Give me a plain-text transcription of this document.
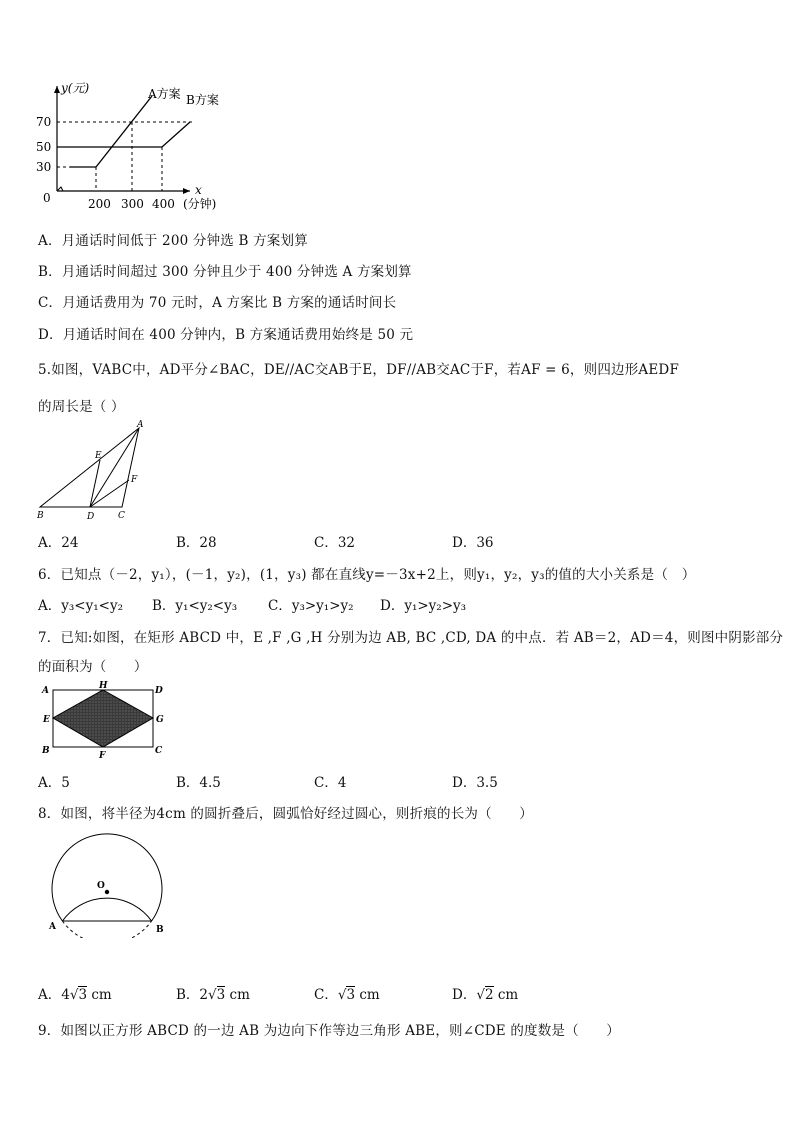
y(元)
x
0
70
50
30
200 300 400 (分钟)
A方案 B方案
A．月通话时间低于 200 分钟选 B 方案划算
B．月通话时间超过 300 分钟且少于 400 分钟选 A 方案划算
C．月通话费用为 70 元时，A 方案比 B 方案的通话时间长
D．月通话时间在 400 分钟内，B 方案通话费用始终是 50 元
5.如图，VABC中，AD平分∠BAC，DE//AC交AB于E，DF//AB交AC于F，若AF = 6，则四边形AEDF
的周长是（ ）
A
E
F
B	D	C
A．24	B．28	C．32	D．36
6．已知点（－2，y₁），(－1，y₂)，(1，y₃) 都在直线y=－3x+2上，则y₁，y₂，y₃的值的大小关系是（　）
A．y₃<y₁<y₂ B．y₁<y₂<y₃ C．y₃>y₁>y₂ D．y₁>y₂>y₃
7．已知:如图，在矩形 ABCD 中，E ,F ,G ,H 分别为边 AB, BC ,CD, DA 的中点．若 AB＝2，AD＝4，则图中阴影部分
的面积为（　　）
A	H	D
E	G
B	F	C
A．5	B．4.5	C．4	D．3.5
8．如图，将半径为4cm 的圆折叠后，圆弧恰好经过圆心，则折痕的长为（　　）
O
A	B
A．4√3 cm	B．2√3 cm	C．√3 cm	D．√2 cm
9．如图以正方形 ABCD 的一边 AB 为边向下作等边三角形 ABE，则∠CDE 的度数是（　　）
